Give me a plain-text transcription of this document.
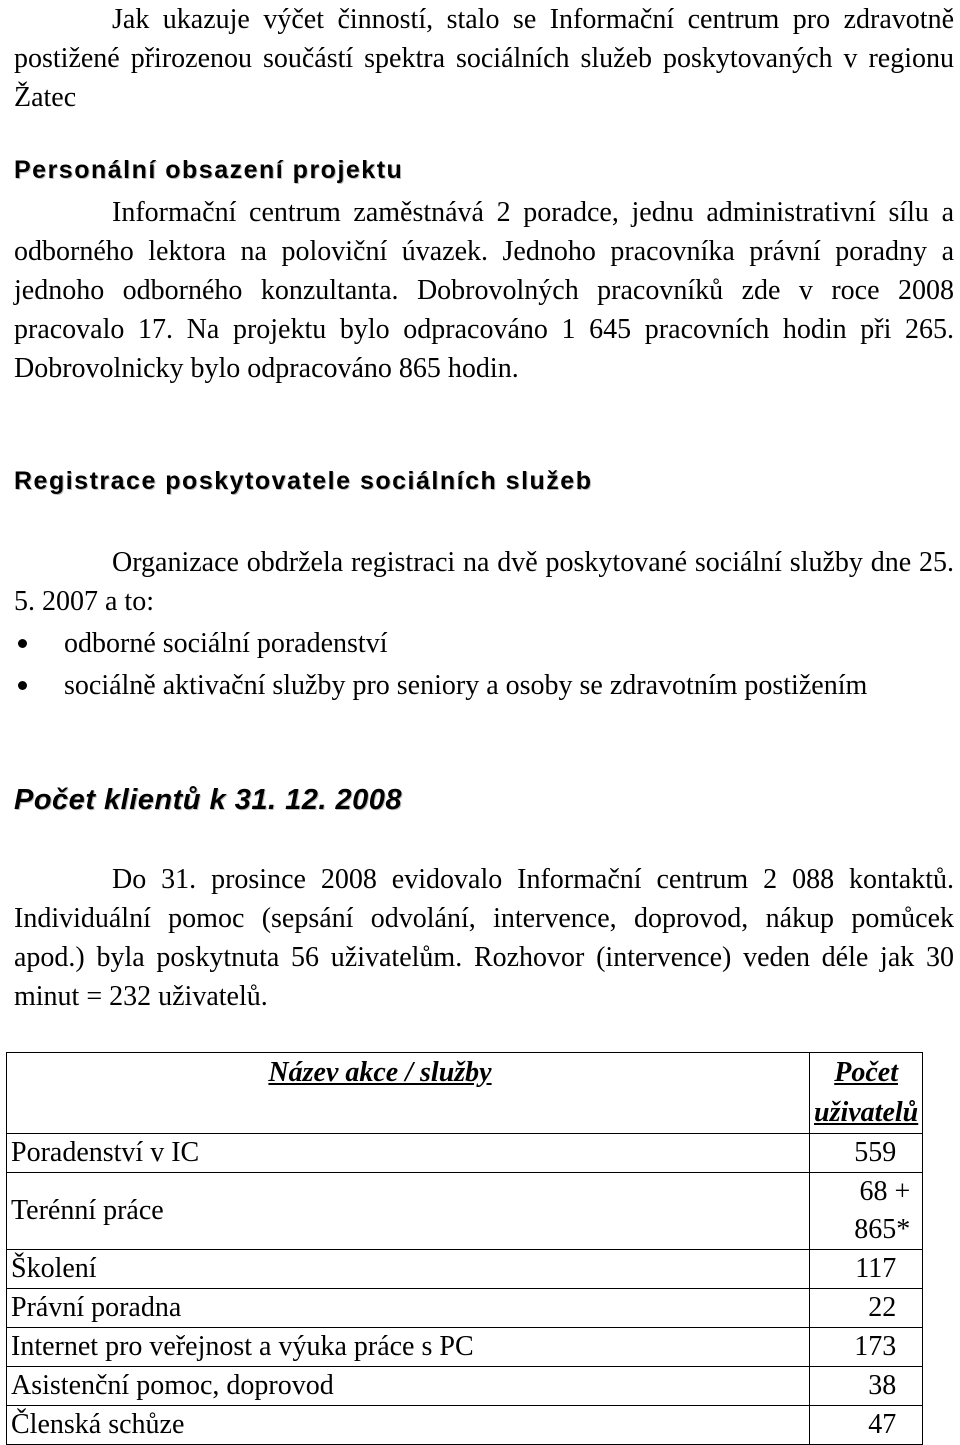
Jak ukazuje výčet činností, stalo se Informační centrum pro zdravotně postižené přirozenou součástí spektra sociálních služeb poskytovaných v regionu Žatec

Personální obsazení projektu

Informační centrum zaměstnává 2 poradce, jednu administrativní sílu a odborného lektora na poloviční úvazek. Jednoho pracovníka právní poradny a jednoho odborného konzultanta. Dobrovolných pracovníků zde v roce 2008 pracovalo 17. Na projektu bylo odpracováno 1 645 pracovních hodin při 265. Dobrovolnicky bylo odpracováno 865 hodin.

Registrace poskytovatele sociálních služeb

Organizace obdržela registraci na dvě poskytované sociální služby dne 25. 5. 2007 a to:

odborné sociální poradenství
sociálně aktivační služby pro seniory a osoby se zdravotním postižením
Počet klientů k 31. 12. 2008

Do 31. prosince 2008 evidovalo Informační centrum 2 088 kontaktů. Individuální pomoc (sepsání odvolání, intervence, doprovod, nákup pomůcek apod.) byla poskytnuta 56 uživatelům. Rozhovor (intervence) veden déle jak 30 minut = 232 uživatelů.

Název akce / služby	Počet uživatelů
Poradenství v IC	559
Terénní práce	68 + 865*
Školení	117
Právní poradna	22
Internet pro veřejnost a výuka práce s PC	173
Asistenční pomoc, doprovod	38
Členská schůze	47
